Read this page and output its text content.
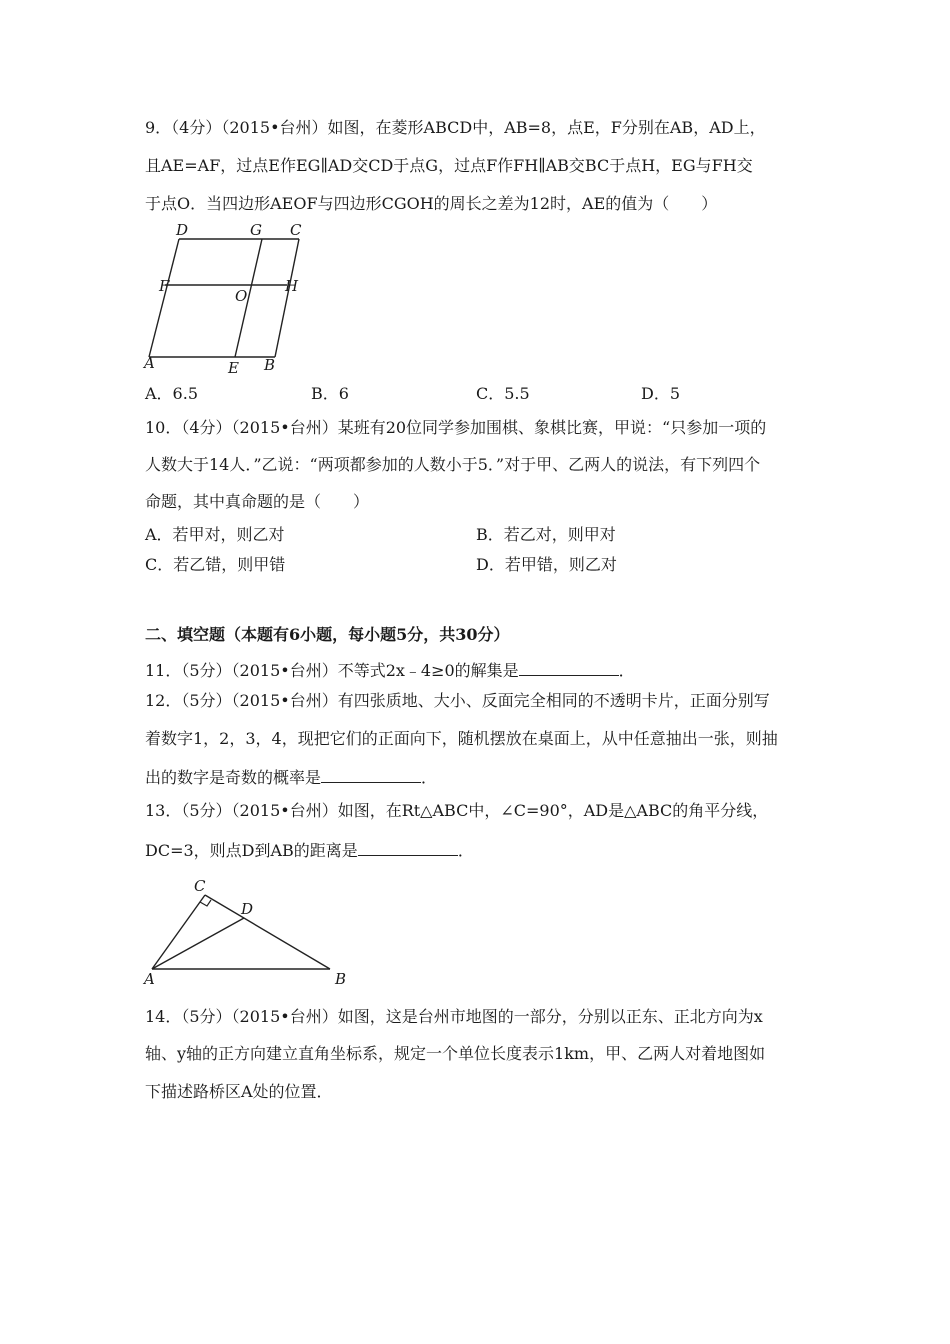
9．（4分）（2015•台州）如图，在菱形ABCD中，AB=8，点E，F分别在AB，AD上，
且AE=AF，过点E作EG∥AD交CD于点G，过点F作FH∥AB交BC于点H，EG与FH交
于点O．当四边形AEOF与四边形CGOH的周长之差为12时，AE的值为（　　）
D	G C
F
O
H
A	E B
A．6.5	B．6	C．5.5	D．5
10．（4分）（2015•台州）某班有20位同学参加围棋、象棋比赛，甲说：“只参加一项的
人数大于14人．”乙说：“两项都参加的人数小于5．”对于甲、乙两人的说法，有下列四个
命题，其中真命题的是（　　）
A．若甲对，则乙对	B．若乙对，则甲对
C．若乙错，则甲错	D．若甲错，则乙对
二、填空题（本题有6小题，每小题5分，共30分）
11．（5分）（2015•台州）不等式2x﹣4≥0的解集是	．
12．（5分）（2015•台州）有四张质地、大小、反面完全相同的不透明卡片，正面分别写
着数字1，2，3，4，现把它们的正面向下，随机摆放在桌面上，从中任意抽出一张，则抽
出的数字是奇数的概率是	．
13．（5分）（2015•台州）如图，在Rt△ABC中，∠C=90°，AD是△ABC的角平分线，
DC=3，则点D到AB的距离是	．
C
D
A	B
14．（5分）（2015•台州）如图，这是台州市地图的一部分，分别以正东、正北方向为x
轴、y轴的正方向建立直角坐标系，规定一个单位长度表示1km，甲、乙两人对着地图如
下描述路桥区A处的位置．
